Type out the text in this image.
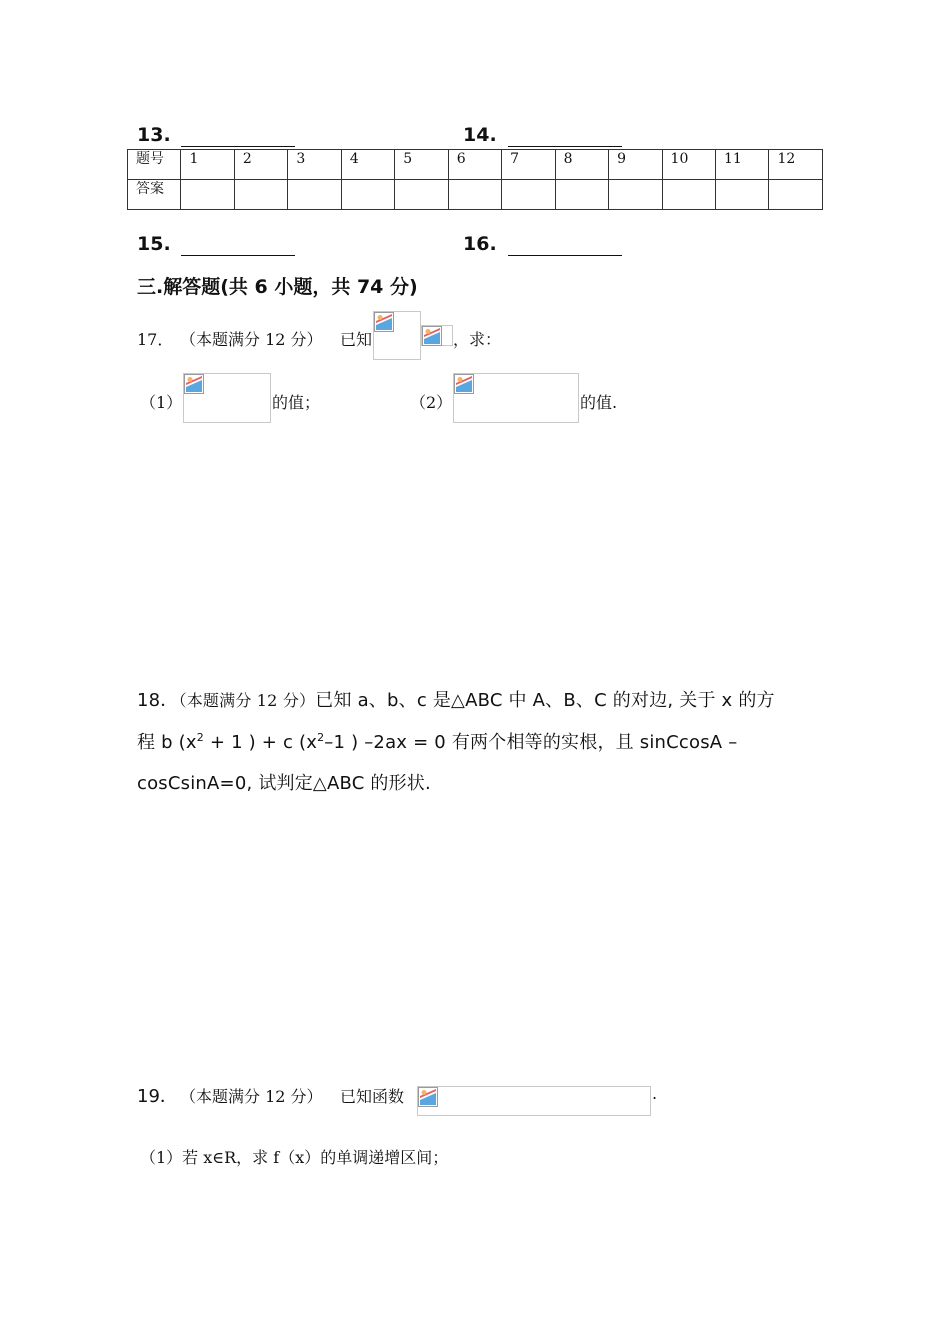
13.	14.
题号	1	2	3	4	5	6	7	8	9	10	11	12
答案												
15.	16.
三.解答题(共 6 小题，共 74 分)
17． （本题满分 12 分） 已知	，求：
（1）	的值；	（2）	的值.
18．（本题满分 12 分）已知 a、b、c 是△ABC 中 A、B、C 的对边, 关于 x 的方
程 b ($x^2 + 1$ ) + c ($x^2-1$ ) –2ax = 0 有两个相等的实根，且 sinCcosA –
cosCsinA=0, 试判定△ABC 的形状.
19． （本题满分 12 分） 已知函数	.
（1）若 x∈R，求 f（x）的单调递增区间；
